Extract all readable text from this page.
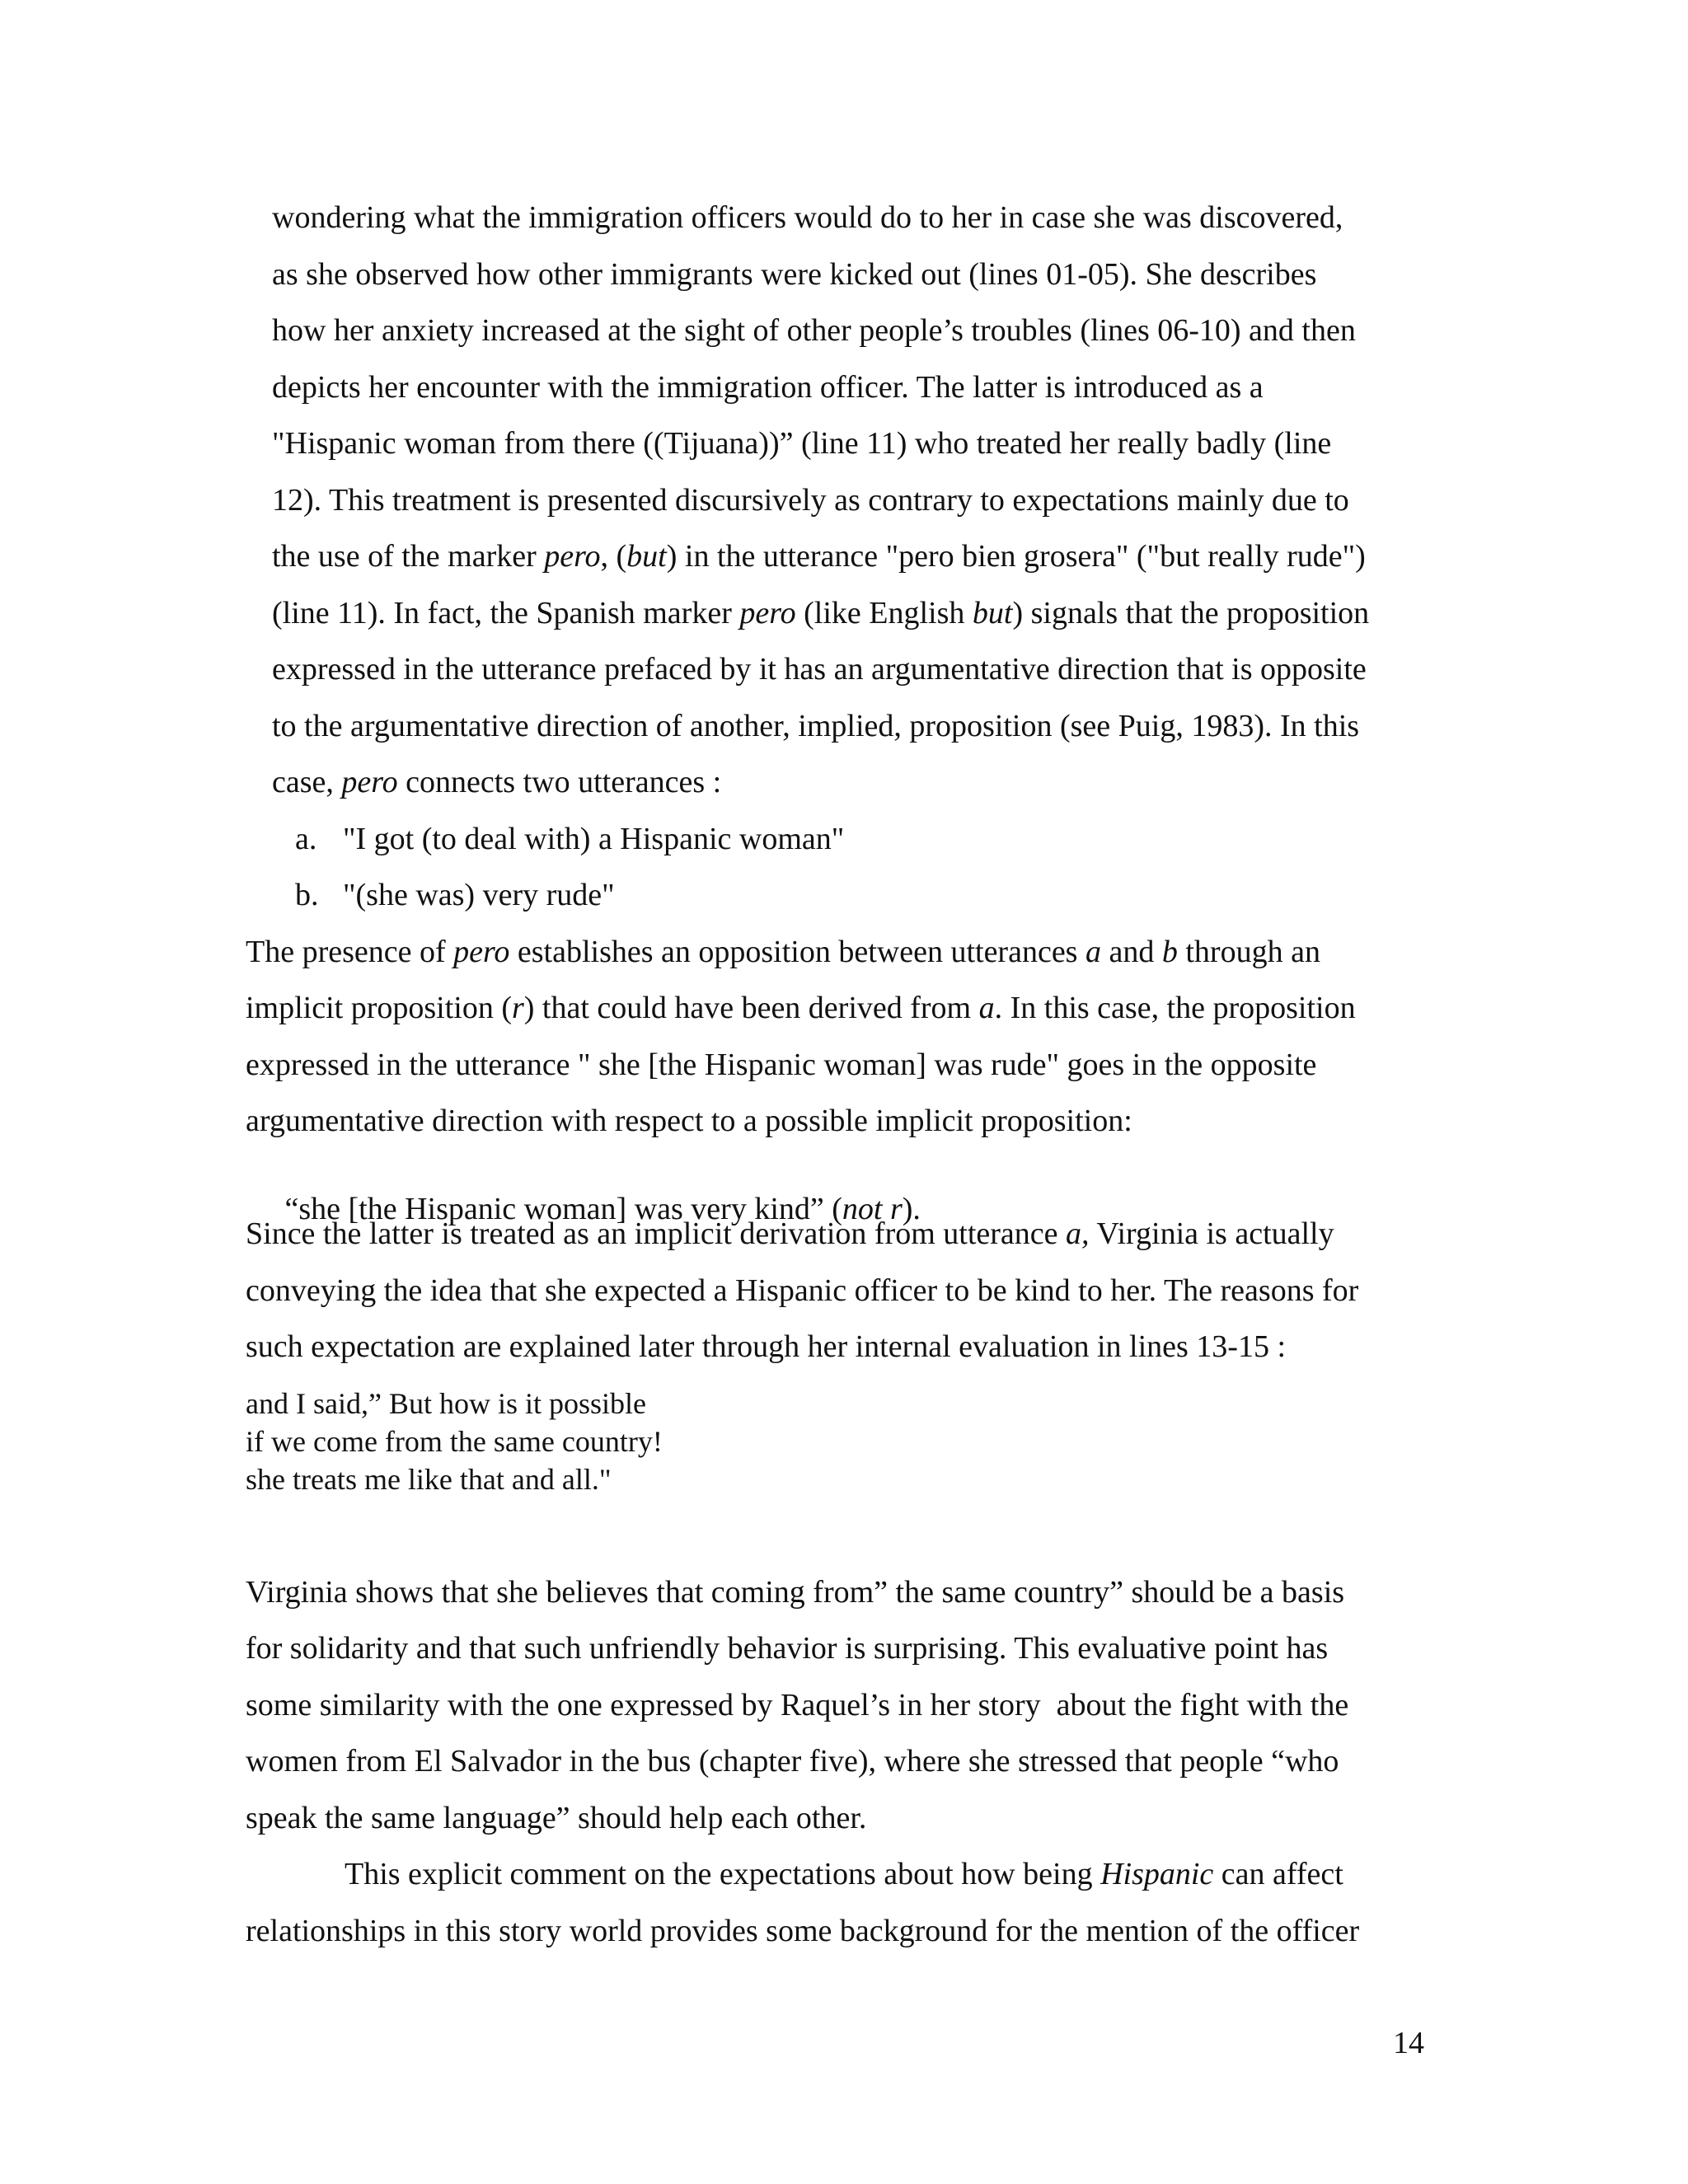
wondering what the immigration officers would do to her in case she was discovered,
as she observed how other immigrants were kicked out (lines 01-05). She describes
how her anxiety increased at the sight of other people’s troubles (lines 06-10) and then
depicts her encounter with the immigration officer. The latter is introduced as a
"Hispanic woman from there ((Tijuana))” (line 11) who treated her really badly (line
12). This treatment is presented discursively as contrary to expectations mainly due to
the use of the marker pero, (but) in the utterance "pero bien grosera" ("but really rude")
(line 11). In fact, the Spanish marker pero (like English but) signals that the proposition
expressed in the utterance prefaced by it has an argumentative direction that is opposite
to the argumentative direction of another, implied, proposition (see Puig, 1983). In this
case, pero connects two utterances :
a. "I got (to deal with) a Hispanic woman"
b. "(she was) very rude"
The presence of pero establishes an opposition between utterances a and b through an
implicit proposition (r) that could have been derived from a. In this case, the proposition
expressed in the utterance " she [the Hispanic woman] was rude" goes in the opposite
argumentative direction with respect to a possible implicit proposition:

“she [the Hispanic woman] was very kind” (not r).

Since the latter is treated as an implicit derivation from utterance a, Virginia is actually
conveying the idea that she expected a Hispanic officer to be kind to her. The reasons for
such expectation are explained later through her internal evaluation in lines 13-15 :
and I said,” But how is it possible
if we come from the same country!
she treats me like that and all."
Virginia shows that she believes that coming from” the same country” should be a basis
for solidarity and that such unfriendly behavior is surprising. This evaluative point has
some similarity with the one expressed by Raquel’s in her story  about the fight with the
women from El Salvador in the bus (chapter five), where she stressed that people “who
speak the same language” should help each other.
This explicit comment on the expectations about how being Hispanic can affect
relationships in this story world provides some background for the mention of the officer
14
